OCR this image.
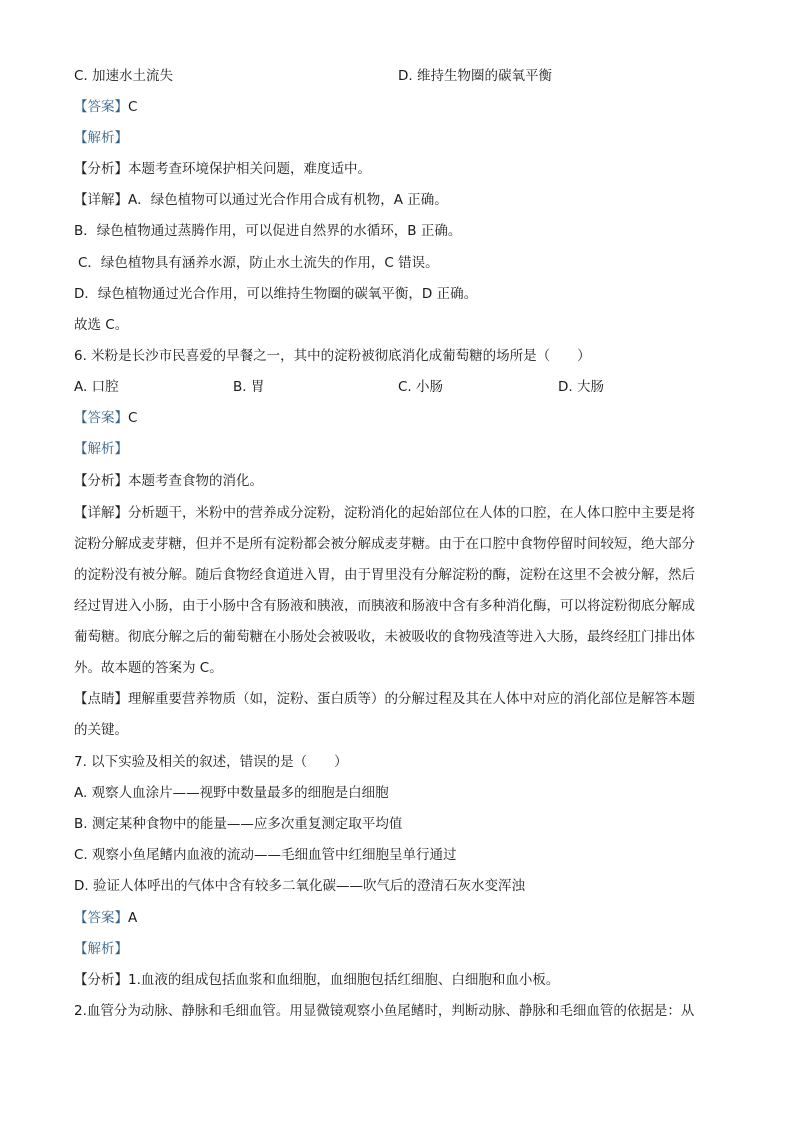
C. 加速水土流失	D. 维持生物圈的碳氧平衡
【答案】C
【解析】
【分析】本题考查环境保护相关问题，难度适中。
【详解】A．绿色植物可以通过光合作用合成有机物，A 正确。
B．绿色植物通过蒸腾作用，可以促进自然界的水循环，B 正确。
C．绿色植物具有涵养水源，防止水土流失的作用，C 错误。
D．绿色植物通过光合作用，可以维持生物圈的碳氧平衡，D 正确。
故选 C。
6. 米粉是长沙市民喜爱的早餐之一，其中的淀粉被彻底消化成葡萄糖的场所是（　　）
A. 口腔	B. 胃	C. 小肠	D. 大肠
【答案】C
【解析】
【分析】本题考查食物的消化。
【详解】分析题干，米粉中的营养成分淀粉，淀粉消化的起始部位在人体的口腔，在人体口腔中主要是将
淀粉分解成麦芽糖，但并不是所有淀粉都会被分解成麦芽糖。由于在口腔中食物停留时间较短，绝大部分
的淀粉没有被分解。随后食物经食道进入胃，由于胃里没有分解淀粉的酶，淀粉在这里不会被分解，然后
经过胃进入小肠，由于小肠中含有肠液和胰液，而胰液和肠液中含有多种消化酶，可以将淀粉彻底分解成
葡萄糖。彻底分解之后的葡萄糖在小肠处会被吸收，未被吸收的食物残渣等进入大肠，最终经肛门排出体
外。故本题的答案为 C。
【点睛】理解重要营养物质（如，淀粉、蛋白质等）的分解过程及其在人体中对应的消化部位是解答本题
的关键。
7. 以下实验及相关的叙述，错误的是（　　）
A. 观察人血涂片——视野中数量最多的细胞是白细胞
B. 测定某种食物中的能量——应多次重复测定取平均值
C. 观察小鱼尾鳍内血液的流动——毛细血管中红细胞呈单行通过
D. 验证人体呼出的气体中含有较多二氧化碳——吹气后的澄清石灰水变浑浊
【答案】A
【解析】
【分析】1.血液的组成包括血浆和血细胞，血细胞包括红细胞、白细胞和血小板。
2.血管分为动脉、静脉和毛细血管。用显微镜观察小鱼尾鳍时，判断动脉、静脉和毛细血管的依据是：从
